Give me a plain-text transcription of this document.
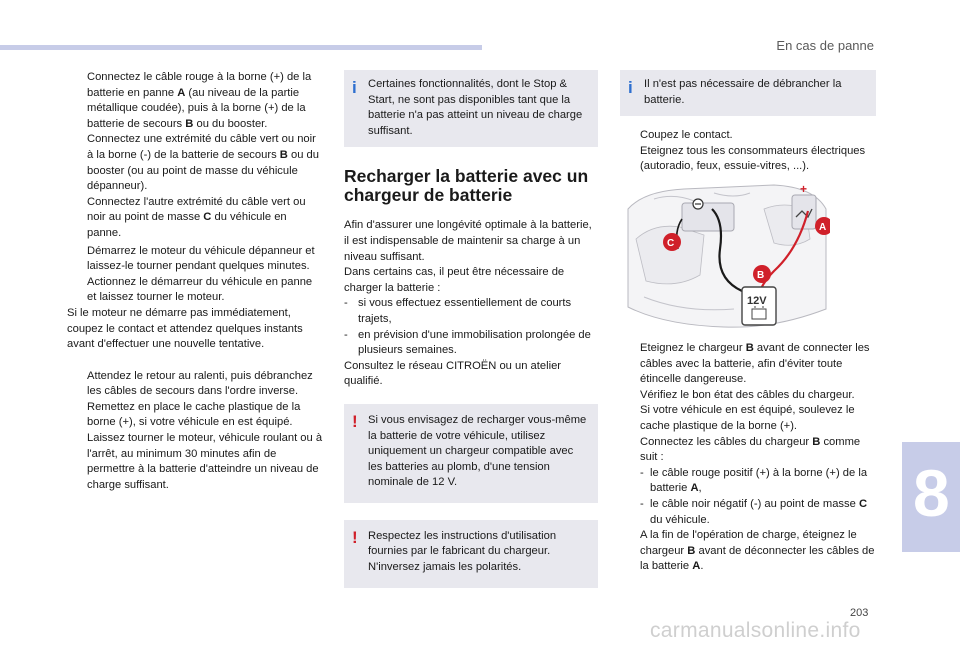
En cas de panne

Connectez le câble rouge à la borne (+) de la batterie en panne A (au niveau de la partie métallique coudée), puis à la borne (+) de la batterie de secours B ou du booster.

Connectez une extrémité du câble vert ou noir à la borne (-) de la batterie de secours B ou du booster (ou au point de masse du véhicule dépanneur).

Connectez l'autre extrémité du câble vert ou noir au point de masse C du véhicule en panne.

Démarrez le moteur du véhicule dépanneur et laissez-le tourner pendant quelques minutes.

Actionnez le démarreur du véhicule en panne et laissez tourner le moteur.

Si le moteur ne démarre pas immédiatement, coupez le contact et attendez quelques instants avant d'effectuer une nouvelle tentative.

Attendez le retour au ralenti, puis débranchez les câbles de secours dans l'ordre inverse.

Remettez en place le cache plastique de la borne (+), si votre véhicule en est équipé.

Laissez tourner le moteur, véhicule roulant ou à l'arrêt, au minimum 30 minutes afin de permettre à la batterie d'atteindre un niveau de charge suffisant.

i Certaines fonctionnalités, dont le Stop & Start, ne sont pas disponibles tant que la batterie n'a pas atteint un niveau de charge suffisant.
Recharger la batterie avec un chargeur de batterie

Afin d'assurer une longévité optimale à la batterie, il est indispensable de maintenir sa charge à un niveau suffisant.

Dans certains cas, il peut être nécessaire de charger la batterie :

- si vous effectuez essentiellement de courts trajets,

- en prévision d'une immobilisation prolongée de plusieurs semaines.

Consultez le réseau CITROËN ou un atelier qualifié.

! Si vous envisagez de recharger vous-même la batterie de votre véhicule, utilisez uniquement un chargeur compatible avec les batteries au plomb, d'une tension nominale de 12 V.
! Respectez les instructions d'utilisation fournies par le fabricant du chargeur. N'inversez jamais les polarités.
i Il n'est pas nécessaire de débrancher la batterie.

Coupez le contact.

Eteignez tous les consommateurs électriques (autoradio, feux, essuie-vitres, ...).

+
12V
A
C
B

Eteignez le chargeur B avant de connecter les câbles avec la batterie, afin d'éviter toute étincelle dangereuse.

Vérifiez le bon état des câbles du chargeur.

Si votre véhicule en est équipé, soulevez le cache plastique de la borne (+).

Connectez les câbles du chargeur B comme suit :

- le câble rouge positif (+) à la borne (+) de la batterie A,

- le câble noir négatif (-) au point de masse C du véhicule.

A la fin de l'opération de charge, éteignez le chargeur B avant de déconnecter les câbles de la batterie A.

8
203
carmanualsonline.info
